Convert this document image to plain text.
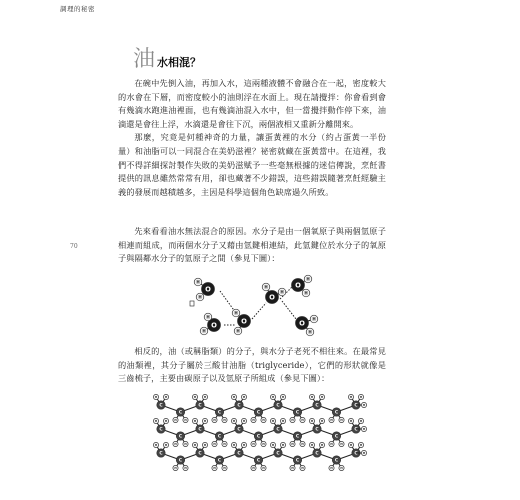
調理的秘密
70
油 水相混？

在碗中先倒入油，再加入水，這兩種液體不會融合在一起，密度較大的水會在下層，而密度較小的油則浮在水面上。現在請攪拌：你會看到會有幾滴水跑進油裡面，也有幾滴油混入水中，但一當攪拌動作停下來，油滴還是會往上浮，水滴還是會往下沉，兩個液相又重新分離開來。

那麼，究竟是何種神奇的力量，讓蛋黃裡的水分（約占蛋黃一半份量）和油脂可以一同混合在美奶滋裡？祕密就藏在蛋黃當中。在這裡，我們不得詳細探討製作失敗的美奶滋赋予一些毫無根據的迷信傳說，烹飪書提供的訊息雖然常常有用，卻也藏著不少錯誤，這些錯誤隨著烹飪經驗主義的發展而越積越多，主因是科學這個角色缺席過久所致。

先來看看油水無法混合的原因。水分子是由一個氧原子與兩個氫原子相連而組成，而兩個水分子又藉由氫鍵相連結，此氫鍵位於水分子的氧原子與隔鄰水分子的氫原子之間（參見下圖）：

O
H
H
O
H
H
O
H
H
O
H
H
O
H
H
O
H
H

相反的，油（或稱脂類）的分子，與水分子老死不相往來。在最常見的油類裡，其分子屬於三酸甘油脂（triglyceride），它們的形狀就像是三齒梳子，主要由碳原子以及氫原子所組成（參見下圖）：

H	H
C
H	H
C
H	H
C
H	H
C
H	H
C
H	H
C
H	H
C
H	H
C
H	H
C
H	H
C
H	H
C H
H	H
C
H	H
C
H	H
C
H	H
C
H	H
C
H	H
C
H	H
C
H	H
C
H	H
C
H	H
C
H	H
C H
H	H
C
H	H
C
H	H
C
H	H
C
H	H
C
H	H
C
H	H
C
H	H
C
H	H
C
H	H
C
H	H
C H
